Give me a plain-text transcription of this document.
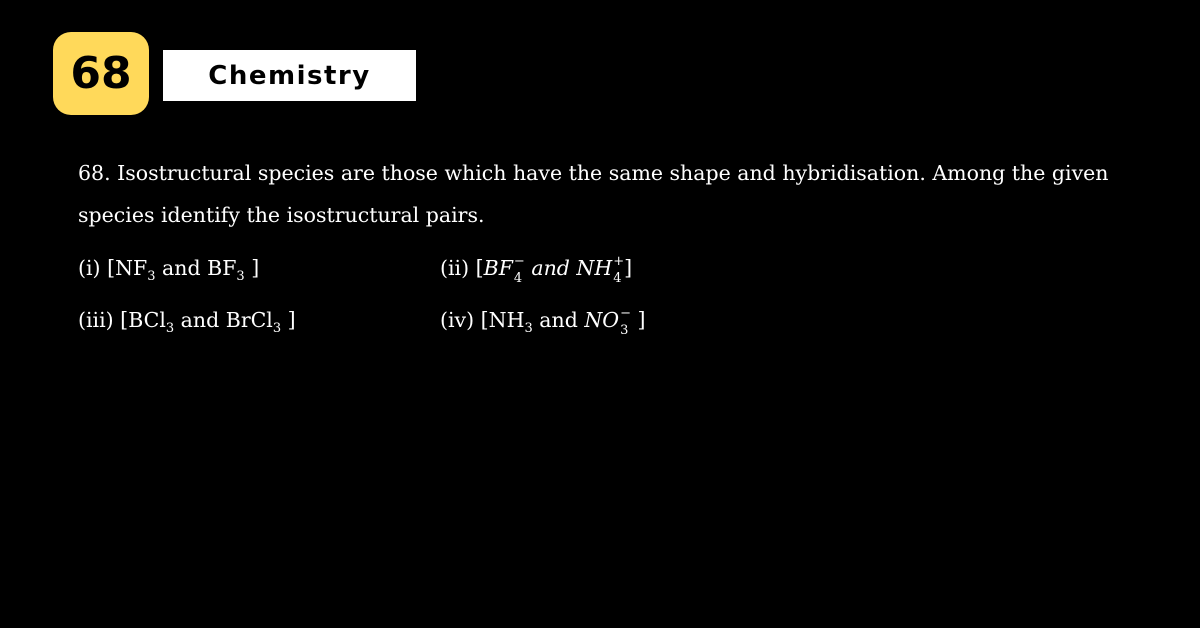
68	Chemistry

68. Isostructural species are those which have the same shape and hybridisation. Among the given species identify the isostructural pairs.

(i) [$NF_3$ and $BF_3$ ]	(ii) [BF −
4 and NH +
4 ]
(iii) [BCl$_3$ and BrCl$_3$ ]	(iv) [$NH_3$ and NO −
3 ]
